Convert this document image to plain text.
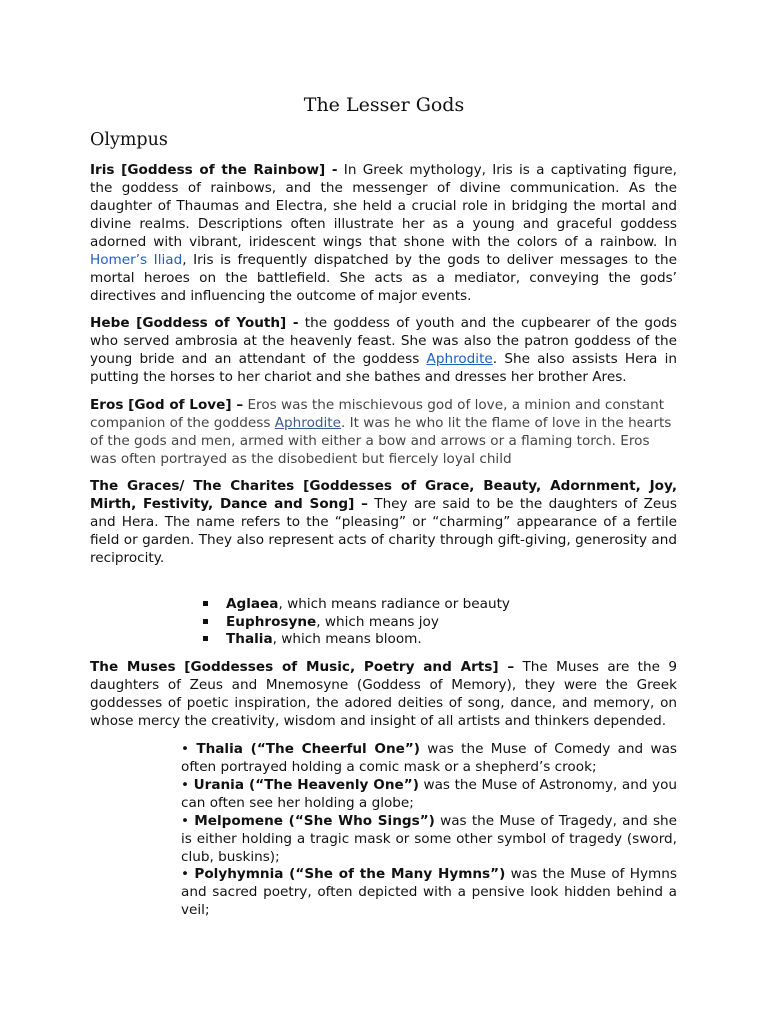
The Lesser Gods
Olympus

Iris [Goddess of the Rainbow] - In Greek mythology, Iris is a captivating figure, the goddess of rainbows, and the messenger of divine communication. As the daughter of Thaumas and Electra, she held a crucial role in bridging the mortal and divine realms. Descriptions often illustrate her as a young and graceful goddess adorned with vibrant, iridescent wings that shone with the colors of a rainbow. In Homer’s Iliad, Iris is frequently dispatched by the gods to deliver messages to the mortal heroes on the battlefield. She acts as a mediator, conveying the gods’ directives and influencing the outcome of major events.

Hebe [Goddess of Youth] - the goddess of youth and the cupbearer of the gods who served ambrosia at the heavenly feast. She was also the patron goddess of the young bride and an attendant of the goddess Aphrodite. She also assists Hera in putting the horses to her chariot and she bathes and dresses her brother Ares.

Eros [God of Love] – Eros was the mischievous god of love, a minion and constant companion of the goddess Aphrodite. It was he who lit the flame of love in the hearts of the gods and men, armed with either a bow and arrows or a flaming torch. Eros was often portrayed as the disobedient but fiercely loyal child

The Graces/ The Charites [Goddesses of Grace, Beauty, Adornment, Joy, Mirth, Festivity, Dance and Song] – They are said to be the daughters of Zeus and Hera. The name refers to the “pleasing” or “charming” appearance of a fertile field or garden. They also represent acts of charity through gift-giving, generosity and reciprocity.

Aglaea, which means radiance or beauty
Euphrosyne, which means joy
Thalia, which means bloom.

The Muses [Goddesses of Music, Poetry and Arts] – The Muses are the 9 daughters of Zeus and Mnemosyne (Goddess of Memory), they were the Greek goddesses of poetic inspiration, the adored deities of song, dance, and memory, on whose mercy the creativity, wisdom and insight of all artists and thinkers depended.

• Thalia (“The Cheerful One”) was the Muse of Comedy and was often portrayed holding a comic mask or a shepherd’s crook;

• Urania (“The Heavenly One”) was the Muse of Astronomy, and you can often see her holding a globe;

• Melpomene (“She Who Sings”) was the Muse of Tragedy, and she is either holding a tragic mask or some other symbol of tragedy (sword, club, buskins);

• Polyhymnia (“She of the Many Hymns”) was the Muse of Hymns and sacred poetry, often depicted with a pensive look hidden behind a veil;
